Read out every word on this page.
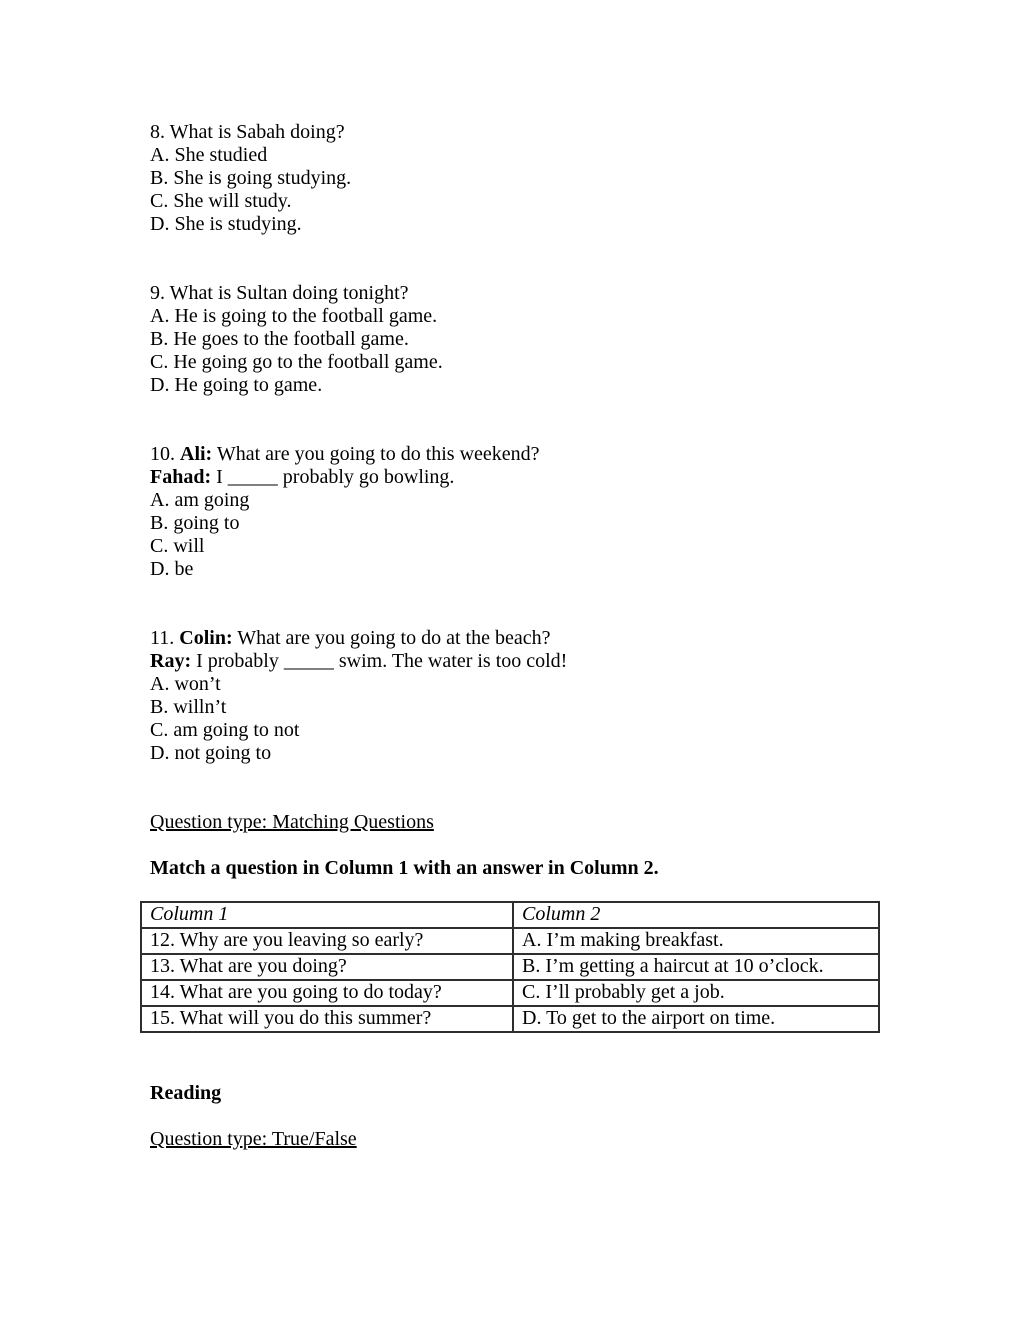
8. What is Sabah doing?

A. She studied

B. She is going studying.

C. She will study.

D. She is studying.

9. What is Sultan doing tonight?

A. He is going to the football game.

B. He goes to the football game.

C. He going go to the football game.

D. He going to game.

10. Ali: What are you going to do this weekend?

Fahad: I _____ probably go bowling.

A. am going

B. going to

C. will

D. be

11. Colin: What are you going to do at the beach?

Ray: I probably _____ swim. The water is too cold!

A. won’t

B. willn’t

C. am going to not

D. not going to

Question type: Matching Questions

Match a question in Column 1 with an answer in Column 2.

Column 1	Column 2
12. Why are you leaving so early?	A. I’m making breakfast.
13. What are you doing?	B. I’m getting a haircut at 10 o’clock.
14. What are you going to do today?	C. I’ll probably get a job.
15. What will you do this summer?	D. To get to the airport on time.

Reading

Question type: True/False
